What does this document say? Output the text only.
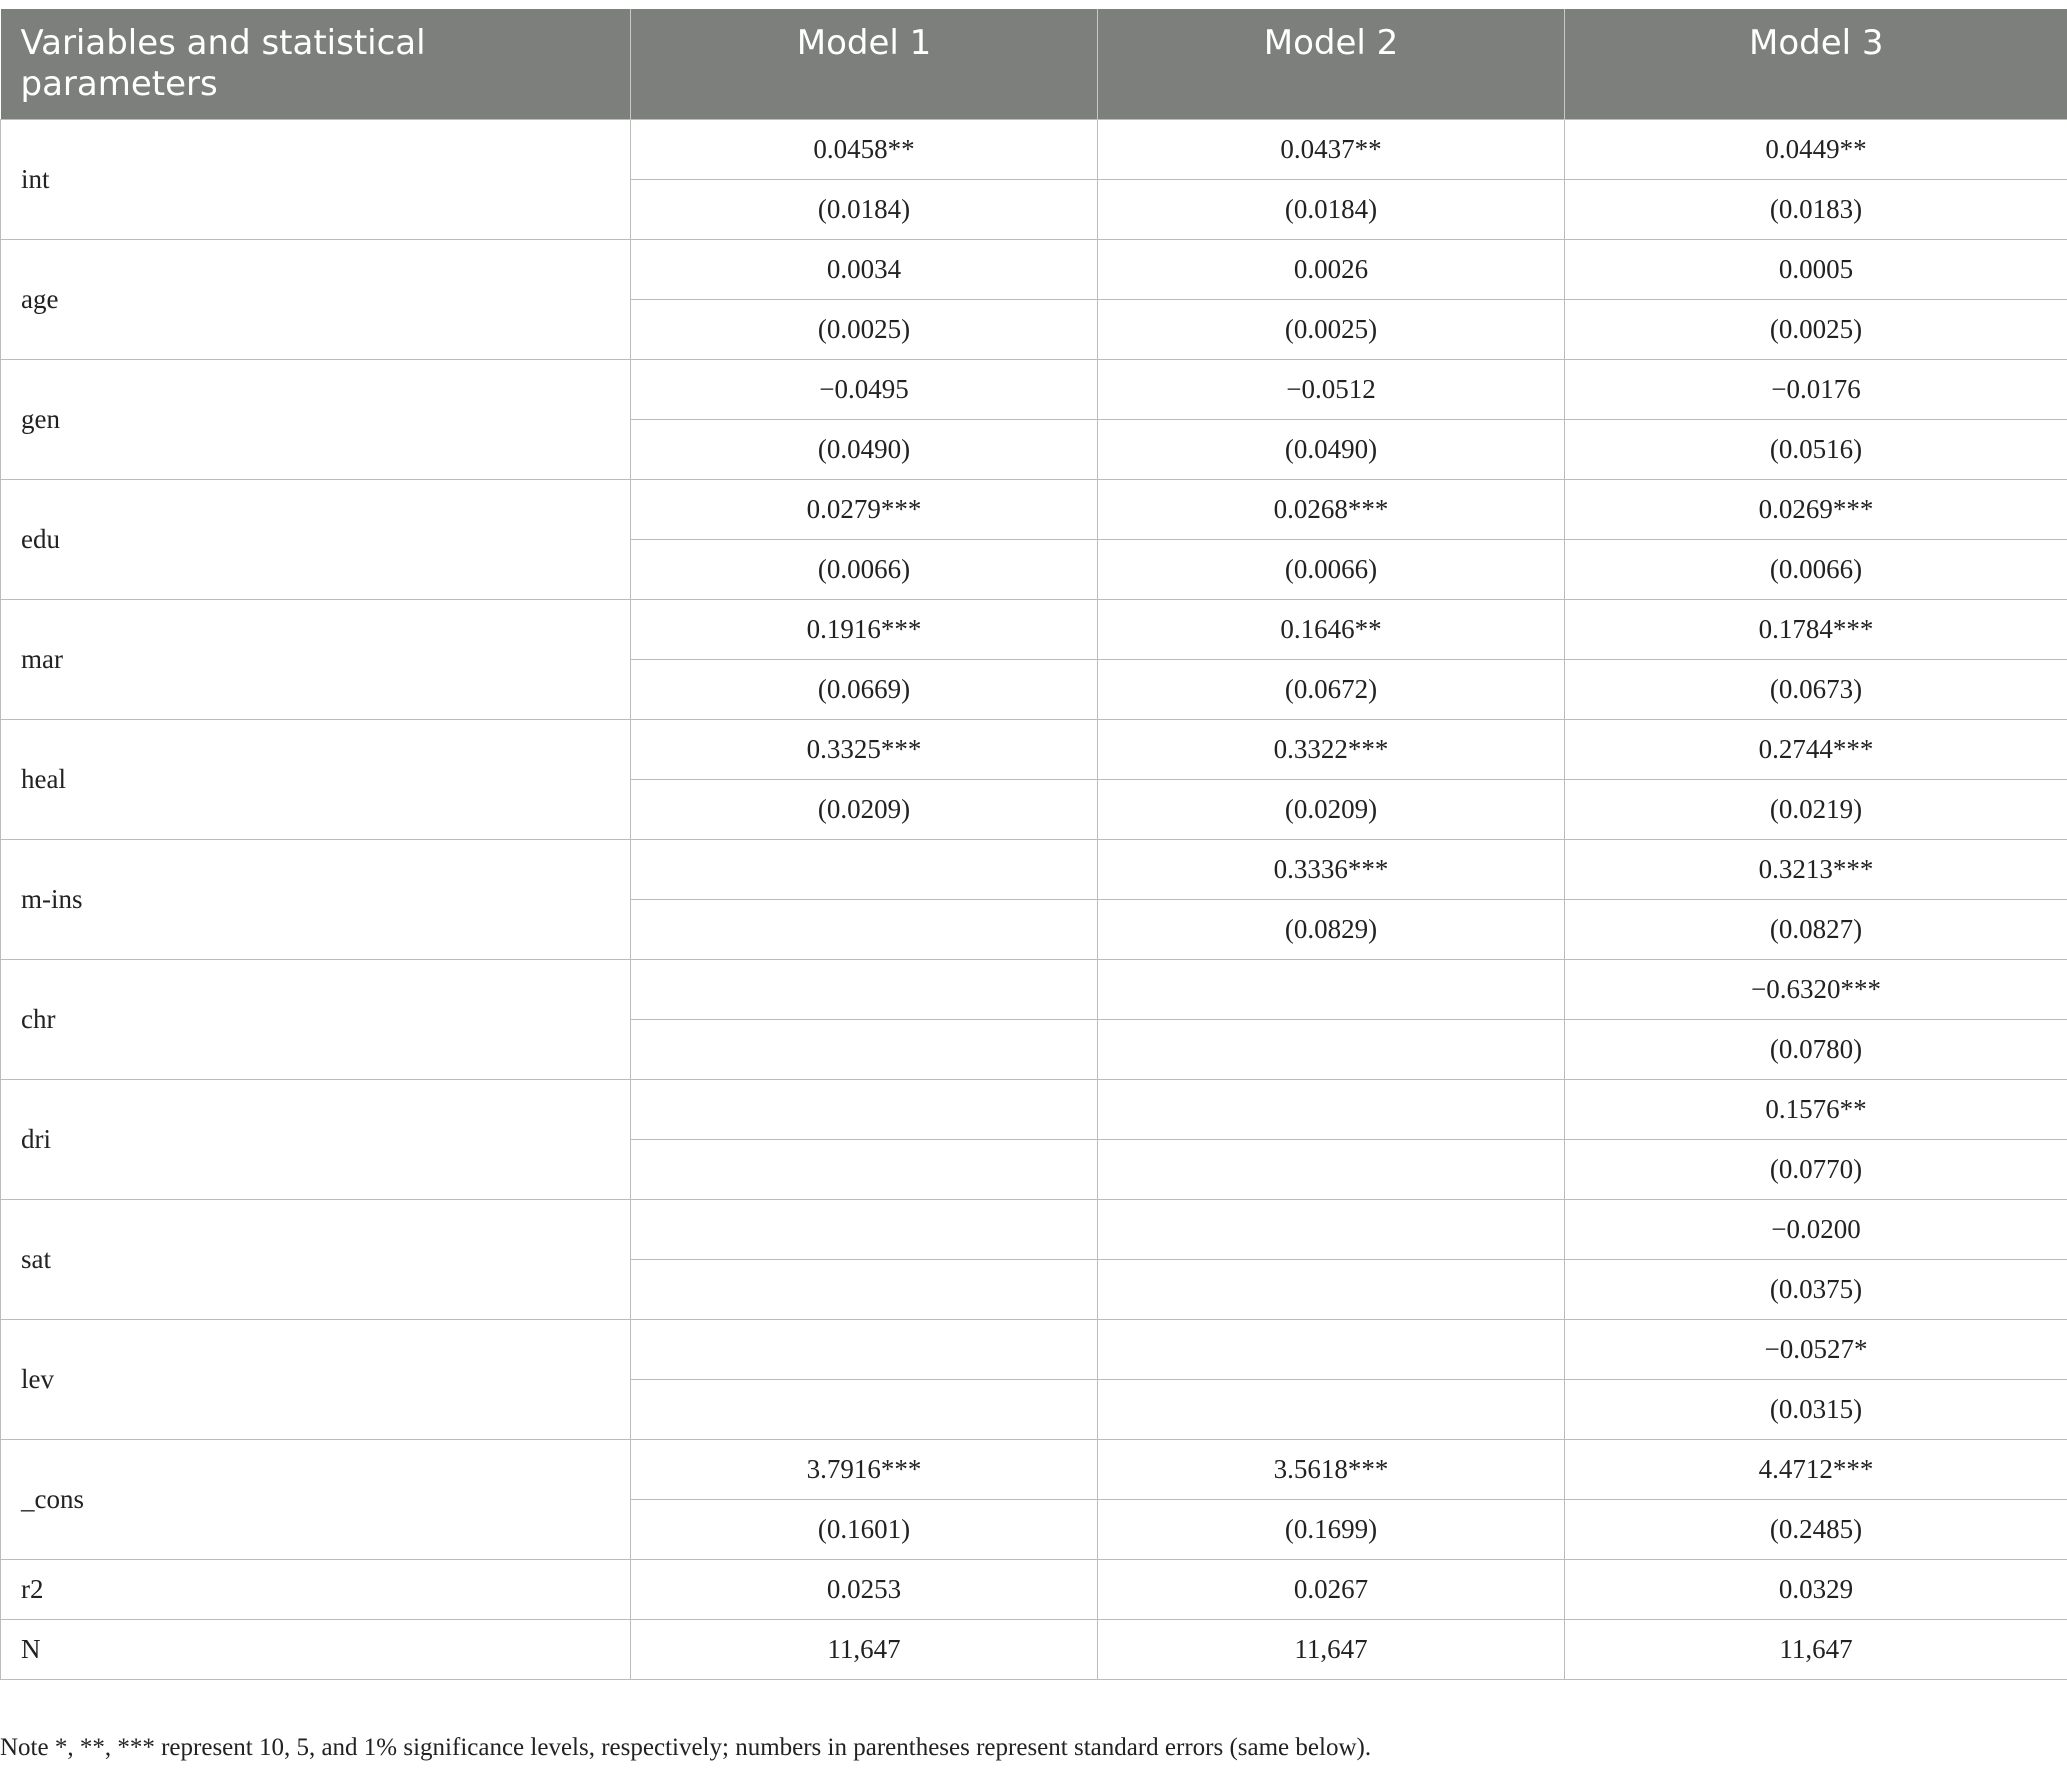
Variables and statistical parameters	Model 1	Model 2	Model 3
int	0.0458**	0.0437**	0.0449**
	(0.0184)	(0.0184)	(0.0183)
age	0.0034	0.0026	0.0005
	(0.0025)	(0.0025)	(0.0025)
gen	−0.0495	−0.0512	−0.0176
	(0.0490)	(0.0490)	(0.0516)
edu	0.0279***	0.0268***	0.0269***
	(0.0066)	(0.0066)	(0.0066)
mar	0.1916***	0.1646**	0.1784***
	(0.0669)	(0.0672)	(0.0673)
heal	0.3325***	0.3322***	0.2744***
	(0.0209)	(0.0209)	(0.0219)
m-ins		0.3336***	0.3213***
		(0.0829)	(0.0827)
chr			−0.6320***
			(0.0780)
dri			0.1576**
			(0.0770)
sat			−0.0200
			(0.0375)
lev			−0.0527*
			(0.0315)
_cons	3.7916***	3.5618***	4.4712***
	(0.1601)	(0.1699)	(0.2485)
r2	0.0253	0.0267	0.0329
N	11,647	11,647	11,647
Note *, **, *** represent 10, 5, and 1% significance levels, respectively; numbers in parentheses represent standard errors (same below).
